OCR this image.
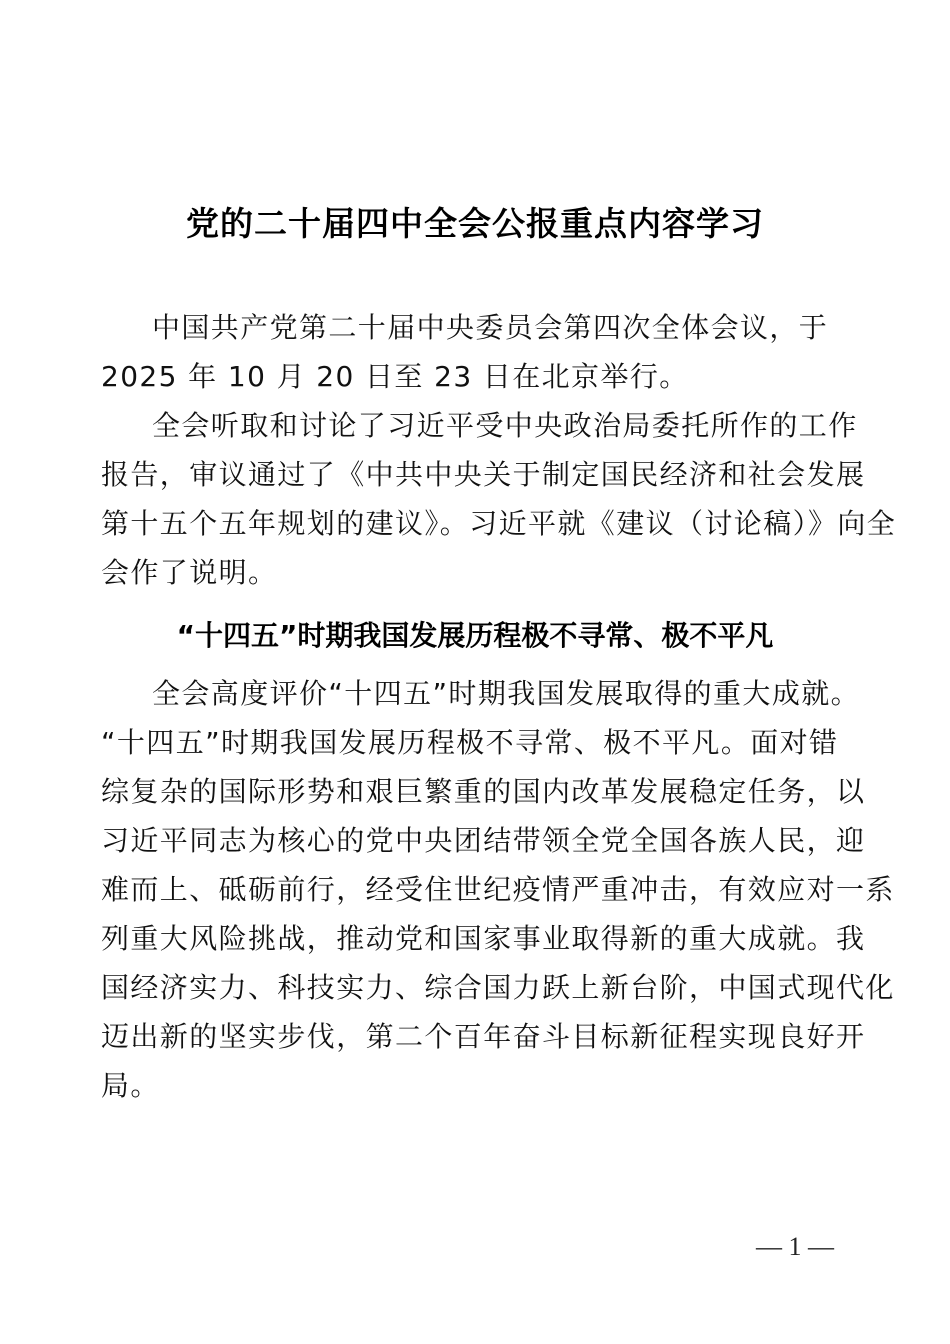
党的二十届四中全会公报重点内容学习
中国共产党第二十届中央委员会第四次全体会议，于
2025 年 10 月 20 日至 23 日在北京举行。
全会听取和讨论了习近平受中央政治局委托所作的工作
报告，审议通过了《中共中央关于制定国民经济和社会发展
第十五个五年规划的建议》。习近平就《建议（讨论稿）》向全
会作了说明。
“十四五”时期我国发展历程极不寻常、极不平凡
全会高度评价“十四五”时期我国发展取得的重大成就。
“十四五”时期我国发展历程极不寻常、极不平凡。面对错
综复杂的国际形势和艰巨繁重的国内改革发展稳定任务，以
习近平同志为核心的党中央团结带领全党全国各族人民，迎
难而上、砥砺前行，经受住世纪疫情严重冲击，有效应对一系
列重大风险挑战，推动党和国家事业取得新的重大成就。我
国经济实力、科技实力、综合国力跃上新台阶，中国式现代化
迈出新的坚实步伐，第二个百年奋斗目标新征程实现良好开
局。
— 1 —
